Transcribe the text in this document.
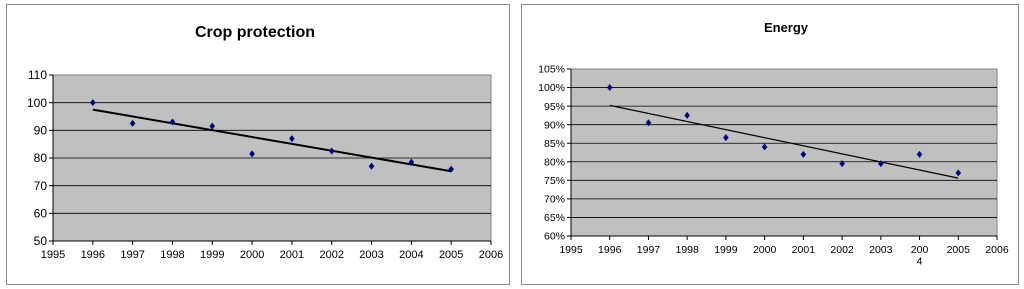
Crop protection
50
60
70
80
90
100
110
1995 1996 1997 1998 1999 2000 2001 2002 2003 2004 2005 2006
Energy
60%
65%
70%
75%
80%
85%
90%
95%
100%
105%
1995 1996 1997 1998 1999 2000 2001 2002 2003 200 4
2005 2006
